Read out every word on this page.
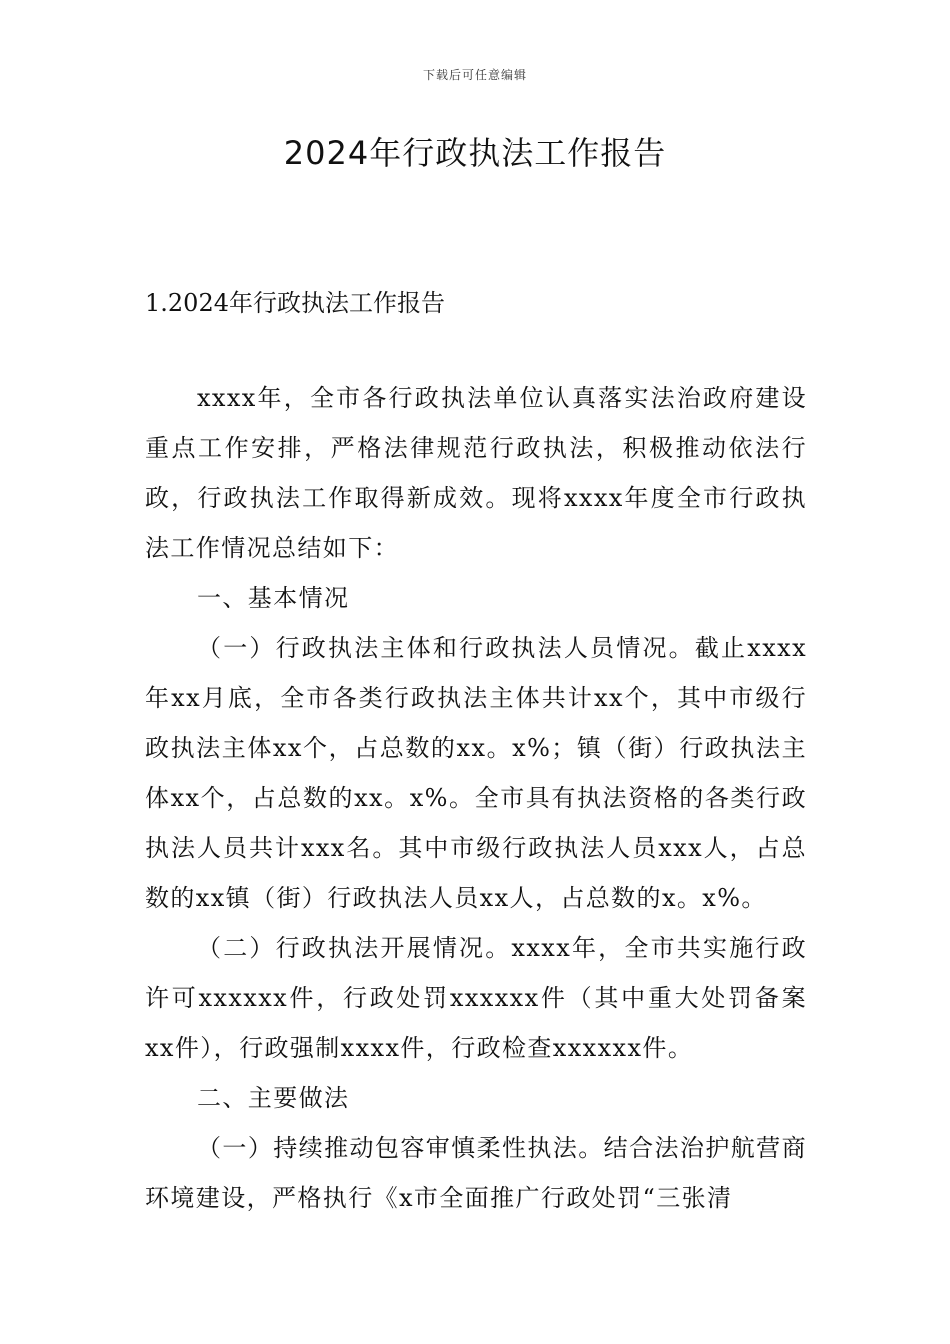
下载后可任意编辑
2024年行政执法工作报告
1.2024年行政执法工作报告

xxxx年，全市各行政执法单位认真落实法治政府建设重点工作安排，严格法律规范行政执法，积极推动依法行政，行政执法工作取得新成效。现将xxxx年度全市行政执法工作情况总结如下：

一、基本情况

（一）行政执法主体和行政执法人员情况。截止xxxx年xx月底，全市各类行政执法主体共计xx个，其中市级行政执法主体xx个，占总数的xx。x%；镇（街）行政执法主体xx个，占总数的xx。x%。全市具有执法资格的各类行政执法人员共计xxx名。其中市级行政执法人员xxx人，占总数的xx镇（街）行政执法人员xx人，占总数的x。x%。

（二）行政执法开展情况。xxxx年，全市共实施行政许可xxxxxx件，行政处罚xxxxxx件（其中重大处罚备案xx件），行政强制xxxx件，行政检查xxxxxx件。

二、主要做法

（一）持续推动包容审慎柔性执法。结合法治护航营商环境建设，严格执行《x市全面推广行政处罚“三张清
